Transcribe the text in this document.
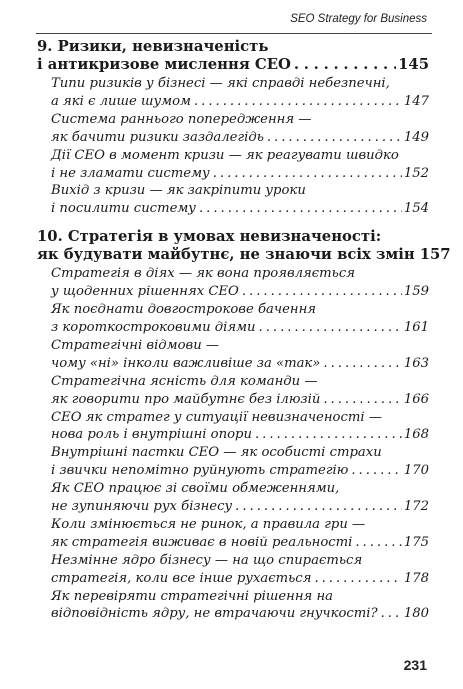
SEO Strategy for Business
9. Ризики, невизначеність
і антикризове мислення CEO . . .	145
Типи ризиків у бізнесі — які справді небезпечні,
а які є лише шумом . . .	147
Система раннього попередження —
як бачити ризики заздалегідь . . .	149
Дії CEO в момент кризи — як реагувати швидко
і не зламати систему . . .	152
Вихід з кризи — як закріпити уроки
і посилити систему . . .	154
10. Стратегія в умовах невизначеності:
як будувати майбутнє, не знаючи всіх змін 157
Стратегія в діях — як вона проявляється
у щоденних рішеннях CEO . . .	159
Як поєднати довгострокове бачення
з короткостроковими діями . . .	161
Стратегічні відмови —
чому «ні» інколи важливіше за «так» . . .	163
Стратегічна ясність для команди —
як говорити про майбутнє без ілюзій . . .	166
CEO як стратег у ситуації невизначеності —
нова роль і внутрішні опори . . .	168
Внутрішні пастки CEO — як особисті страхи
і звички непомітно руйнують стратегію . . .	170
Як CEO працює зі своїми обмеженнями,
не зупиняючи рух бізнесу . . .	172
Коли змінюється не ринок, а правила гри —
як стратегія виживає в новій реальності . . .	175
Незмінне ядро бізнесу — на що спирається
стратегія, коли все інше рухається . . .	178
Як перевіряти стратегічні рішення на
відповідність ядру, не втрачаючи гнучкості? . . . 180
231
